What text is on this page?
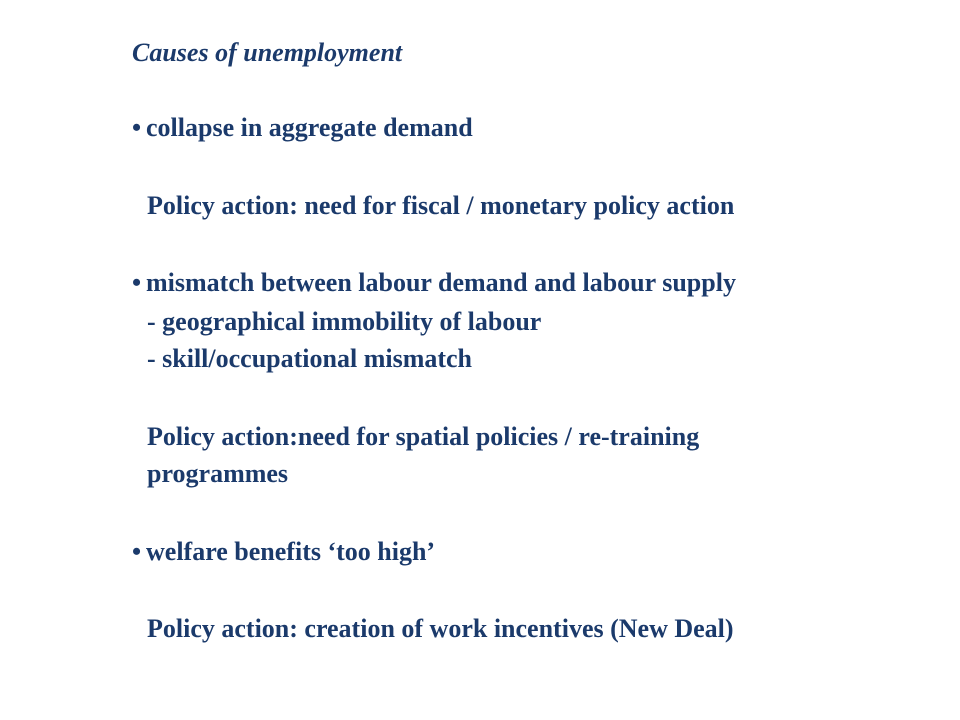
Causes of unemployment
• collapse in aggregate demand
Policy action: need for fiscal / monetary policy action
• mismatch between labour demand and labour supply
- geographical immobility of labour
- skill/occupational mismatch
Policy action:need for spatial policies / re-training
programmes
• welfare benefits ‘too high’
Policy action: creation of work incentives (New Deal)
